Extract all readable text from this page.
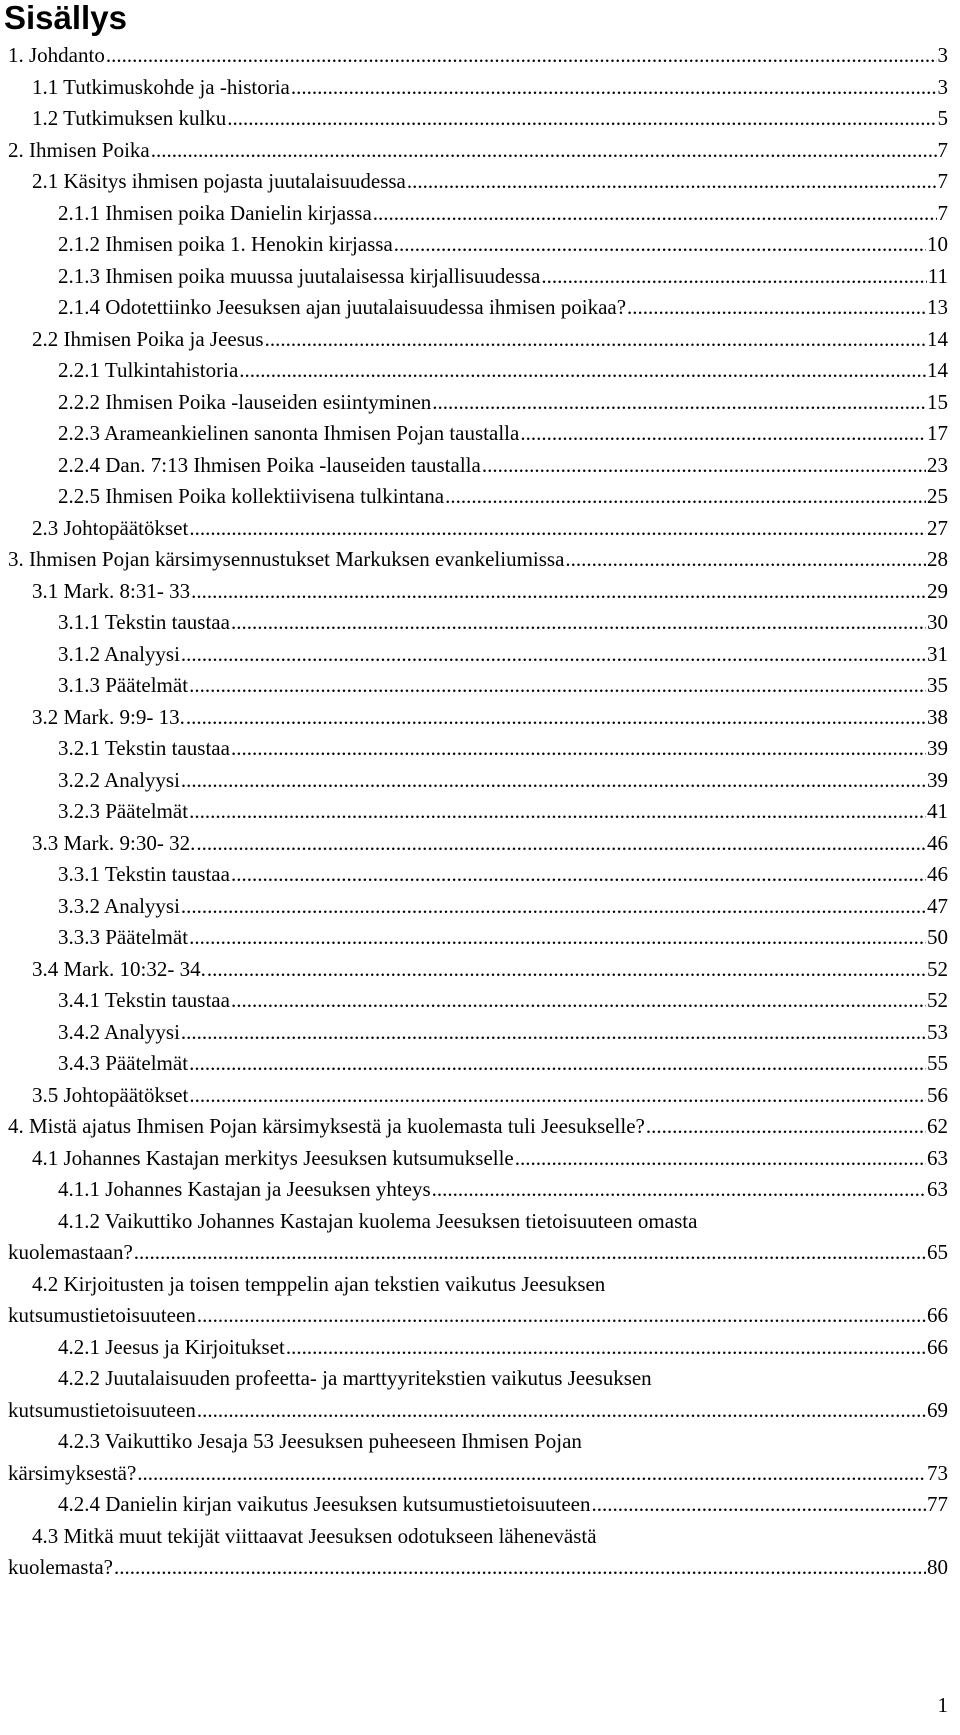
Sisällys
1. Johdanto .....	3
1.1 Tutkimuskohde ja -historia .....	3
1.2 Tutkimuksen kulku .....	5
2. Ihmisen Poika .....	7
2.1 Käsitys ihmisen pojasta juutalaisuudessa .....	7
2.1.1 Ihmisen poika Danielin kirjassa .....	7
2.1.2 Ihmisen poika 1. Henokin kirjassa .....	10
2.1.3 Ihmisen poika muussa juutalaisessa kirjallisuudessa .....	11
2.1.4 Odotettiinko Jeesuksen ajan juutalaisuudessa ihmisen poikaa? .....	13
2.2 Ihmisen Poika ja Jeesus .....	14
2.2.1 Tulkintahistoria .....	14
2.2.2 Ihmisen Poika -lauseiden esiintyminen .....	15
2.2.3 Arameankielinen sanonta Ihmisen Pojan taustalla .....	17
2.2.4 Dan. 7:13 Ihmisen Poika -lauseiden taustalla .....	23
2.2.5 Ihmisen Poika kollektiivisena tulkintana .....	25
2.3 Johtopäätökset .....	27
3. Ihmisen Pojan kärsimysennustukset Markuksen evankeliumissa .....	28
3.1 Mark. 8:31- 33 .....	29
3.1.1 Tekstin taustaa .....	30
3.1.2 Analyysi .....	31
3.1.3 Päätelmät .....	35
3.2 Mark. 9:9- 13. .....	38
3.2.1 Tekstin taustaa .....	39
3.2.2 Analyysi .....	39
3.2.3 Päätelmät .....	41
3.3 Mark. 9:30- 32. .....	46
3.3.1 Tekstin taustaa .....	46
3.3.2 Analyysi .....	47
3.3.3 Päätelmät .....	50
3.4 Mark. 10:32- 34. .....	52
3.4.1 Tekstin taustaa .....	52
3.4.2 Analyysi .....	53
3.4.3 Päätelmät .....	55
3.5 Johtopäätökset .....	56
4. Mistä ajatus Ihmisen Pojan kärsimyksestä ja kuolemasta tuli Jeesukselle? .....	62
4.1 Johannes Kastajan merkitys Jeesuksen kutsumukselle .....	63
4.1.1 Johannes Kastajan ja Jeesuksen yhteys .....	63
4.1.2 Vaikuttiko Johannes Kastajan kuolema Jeesuksen tietoisuuteen omasta
kuolemastaan? .....	65
4.2 Kirjoitusten ja toisen temppelin ajan tekstien vaikutus Jeesuksen
kutsumustietoisuuteen .....	66
4.2.1 Jeesus ja Kirjoitukset .....	66
4.2.2 Juutalaisuuden profeetta- ja marttyyritekstien vaikutus Jeesuksen
kutsumustietoisuuteen .....	69
4.2.3 Vaikuttiko Jesaja 53 Jeesuksen puheeseen Ihmisen Pojan
kärsimyksestä? .....	73
4.2.4 Danielin kirjan vaikutus Jeesuksen kutsumustietoisuuteen .....	77
4.3 Mitkä muut tekijät viittaavat Jeesuksen odotukseen lähenevästä
kuolemasta? .....	80
1
